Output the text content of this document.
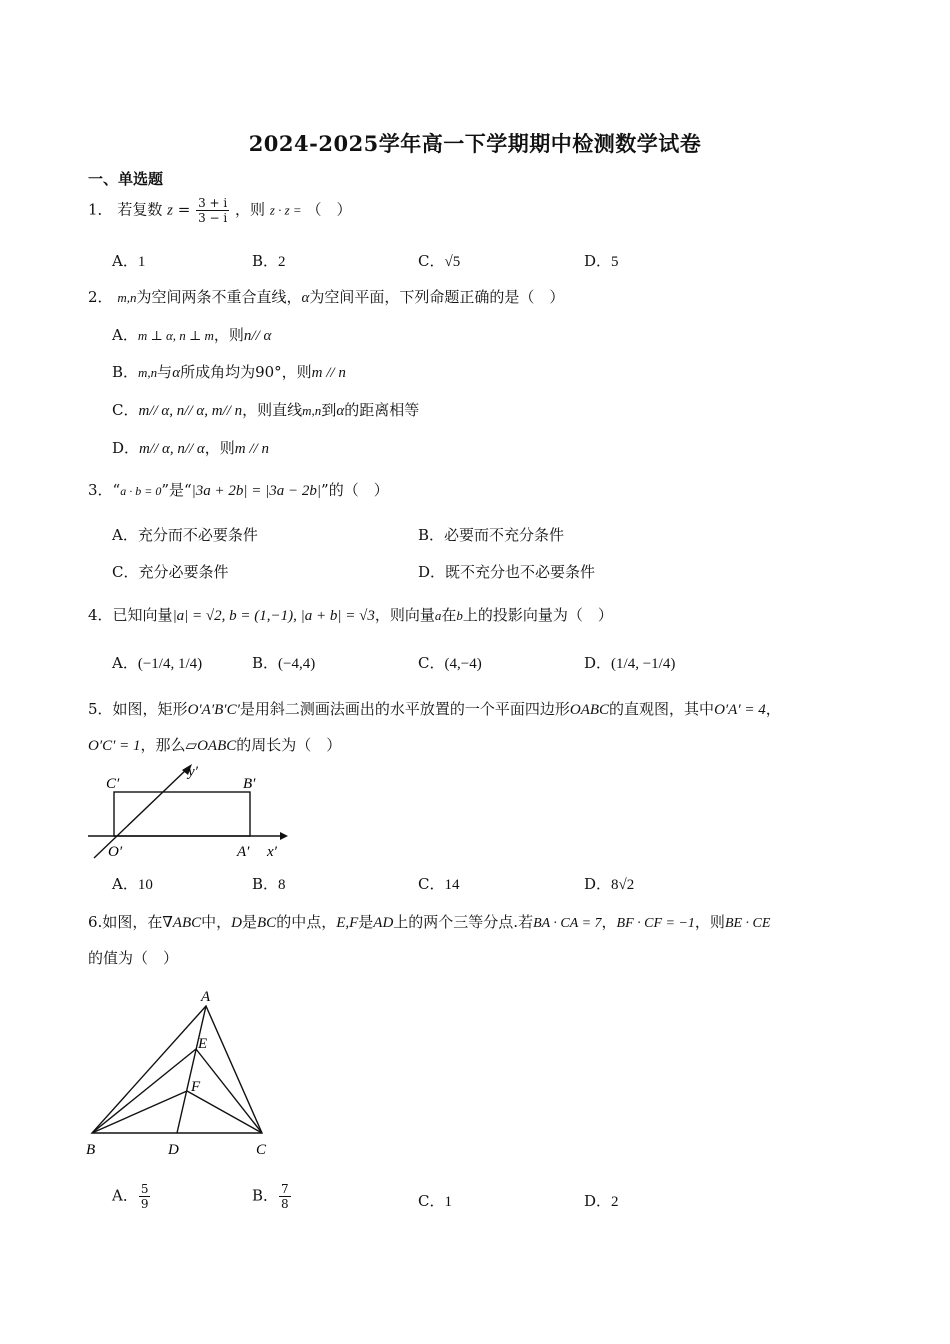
2024-2025学年高一下学期期中检测数学试卷
一、单选题
1． 若复数 $z = \frac{3 + i}{3 - i}$ ，则 z · z = （　）
A．1	B．2	C．√5	D．5
2． m,n为空间两条不重合直线，α为空间平面，下列命题正确的是（　）
A．m ⊥ α, n ⊥ m，则n// α
B．m,n与α所成角均为90°，则m // n
C．m// α, n// α, m// n，则直线m,n到α的距离相等
D．m// α, n// α，则m // n
3．“a · b = 0”是“|3a + 2b| = |3a − 2b|”的（　）
A．充分而不必要条件	B．必要而不充分条件
C．充分必要条件	D．既不充分也不必要条件
4．已知向量|a| = √2, b = (1,−1), |a + b| = √3，则向量a在b上的投影向量为（　）
A．(−1/4, 1/4)	B．(−4,4)	C．(4,−4)	D．(1/4, −1/4)
5．如图，矩形O′A′B′C′是用斜二测画法画出的水平放置的一个平面四边形OABC的直观图，其中O′A′ = 4，
O′C′ = 1，那么▱OABC的周长为（　）
C′	B′
O′	A′ x′
y′
A．10	B．8	C．14	D．8√2
6.如图，在∇ABC中，D是BC的中点，E,F是AD上的两个三等分点.若BA · CA = 7，BF · CF = −1，则BE · CE
的值为（　）
A
E
F
B	D	C
A． $\frac{5}{9}$	B． $\frac{7}{8}$	C．1	D．2
